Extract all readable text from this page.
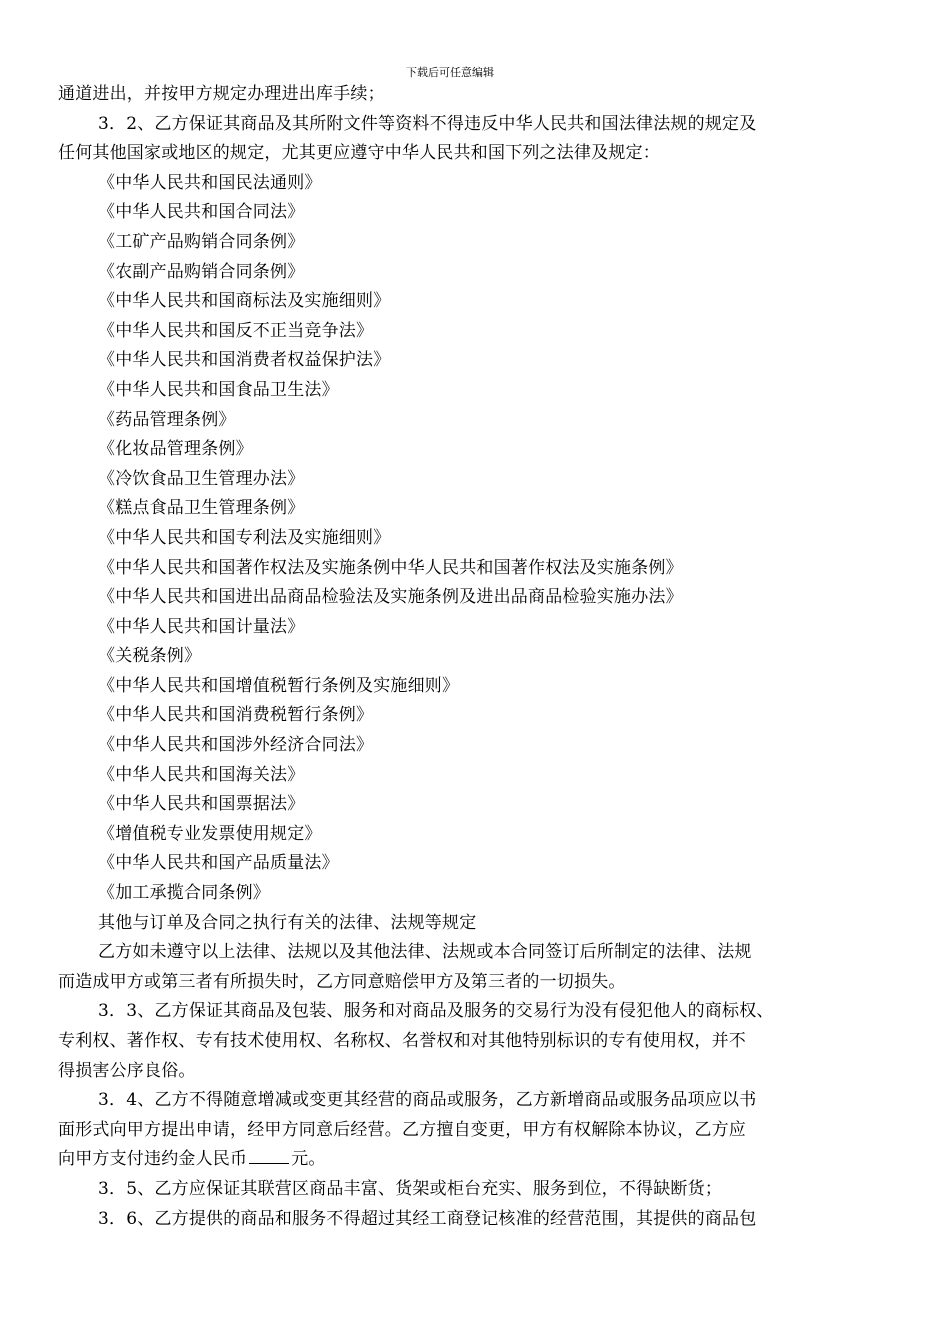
下载后可任意编辑

通道进出，并按甲方规定办理进出库手续；

3．2、乙方保证其商品及其所附文件等资料不得违反中华人民共和国法律法规的规定及

任何其他国家或地区的规定，尤其更应遵守中华人民共和国下列之法律及规定：

《中华人民共和国民法通则》

《中华人民共和国合同法》

《工矿产品购销合同条例》

《农副产品购销合同条例》

《中华人民共和国商标法及实施细则》

《中华人民共和国反不正当竞争法》

《中华人民共和国消费者权益保护法》

《中华人民共和国食品卫生法》

《药品管理条例》

《化妆品管理条例》

《冷饮食品卫生管理办法》

《糕点食品卫生管理条例》

《中华人民共和国专利法及实施细则》

《中华人民共和国著作权法及实施条例中华人民共和国著作权法及实施条例》

《中华人民共和国进出品商品检验法及实施条例及进出品商品检验实施办法》

《中华人民共和国计量法》

《关税条例》

《中华人民共和国增值税暂行条例及实施细则》

《中华人民共和国消费税暂行条例》

《中华人民共和国涉外经济合同法》

《中华人民共和国海关法》

《中华人民共和国票据法》

《增值税专业发票使用规定》

《中华人民共和国产品质量法》

《加工承揽合同条例》

其他与订单及合同之执行有关的法律、法规等规定

乙方如未遵守以上法律、法规以及其他法律、法规或本合同签订后所制定的法律、法规

而造成甲方或第三者有所损失时，乙方同意赔偿甲方及第三者的一切损失。

3．3、乙方保证其商品及包装、服务和对商品及服务的交易行为没有侵犯他人的商标权、

专利权、著作权、专有技术使用权、名称权、名誉权和对其他特别标识的专有使用权，并不

得损害公序良俗。

3．4、乙方不得随意增减或变更其经营的商品或服务，乙方新增商品或服务品项应以书

面形式向甲方提出申请，经甲方同意后经营。乙方擅自变更，甲方有权解除本协议，乙方应

向甲方支付违约金人民币	元。

3．5、乙方应保证其联营区商品丰富、货架或柜台充实、服务到位，不得缺断货；

3．6、乙方提供的商品和服务不得超过其经工商登记核准的经营范围，其提供的商品包
